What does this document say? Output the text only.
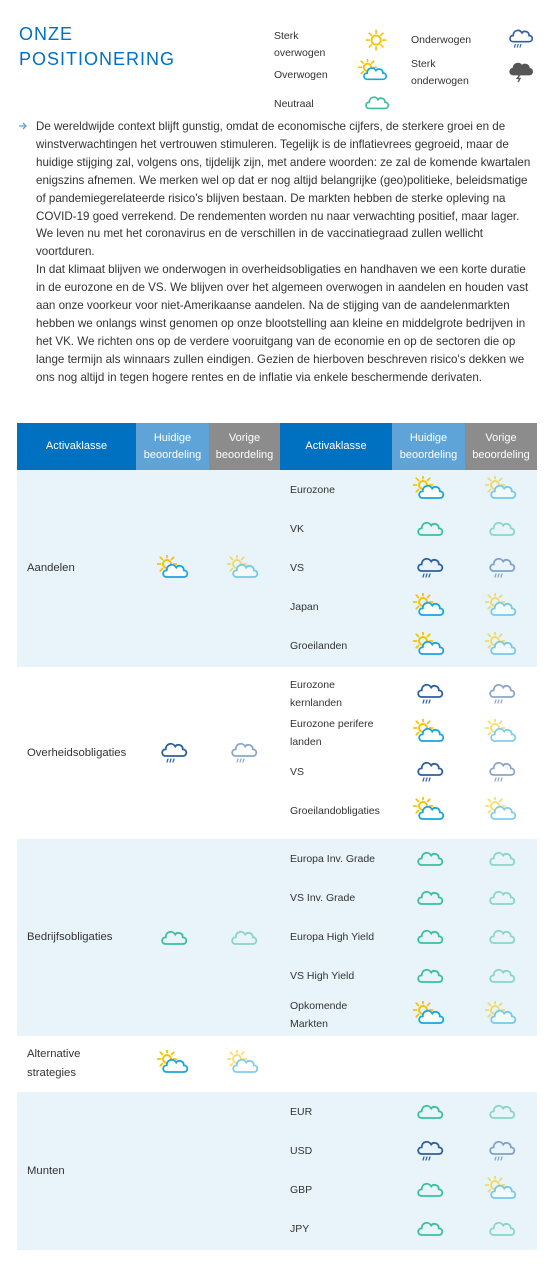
ONZE
POSITIONERING
Sterk
overwogen
Overwogen
Neutraal
Onderwogen
Sterk
onderwogen

De wereldwijde context blijft gunstig, omdat de economische cijfers, de sterkere groei en de winstverwachtingen het vertrouwen stimuleren. Tegelijk is de inflatievrees gegroeid, maar de huidige stijging zal, volgens ons, tijdelijk zijn, met andere woorden: ze zal de komende kwartalen enigszins afnemen. We merken wel op dat er nog altijd belangrijke (geo)politieke, beleidsmatige of pandemiegerelateerde risico's blijven bestaan. De markten hebben de sterke opleving na COVID-19 goed verrekend. De rendementen worden nu naar verwachting positief, maar lager. We leven nu met het coronavirus en de verschillen in de vaccinatiegraad zullen wellicht voortduren.

In dat klimaat blijven we onderwogen in overheidsobligaties en handhaven we een korte duratie in de eurozone en de VS. We blijven over het algemeen overwogen in aandelen en houden vast aan onze voorkeur voor niet-Amerikaanse aandelen. Na de stijging van de aandelenmarkten hebben we onlangs winst genomen op onze blootstelling aan kleine en middelgrote bedrijven in het VK. We richten ons op de verdere vooruitgang van de economie en op de sectoren die op lange termijn als winnaars zullen eindigen. Gezien de hierboven beschreven risico's dekken we ons nog altijd in tegen hogere rentes en de inflatie via enkele beschermende derivaten.

Activaklasse
Huidige
beoordeling
Vorige
beoordeling
Activaklasse
Huidige
beoordeling
Vorige
beoordeling
Aandelen
Eurozone
VK
VS
Japan
Groeilanden
Overheidsobligaties
Eurozone
kernlanden
Eurozone perifere
landen
VS
Groeilandobligaties
Bedrijfsobligaties
Europa Inv. Grade
VS Inv. Grade
Europa High Yield
VS High Yield
Opkomende
Markten
Alternative
strategies
Munten
EUR
USD
GBP
JPY
